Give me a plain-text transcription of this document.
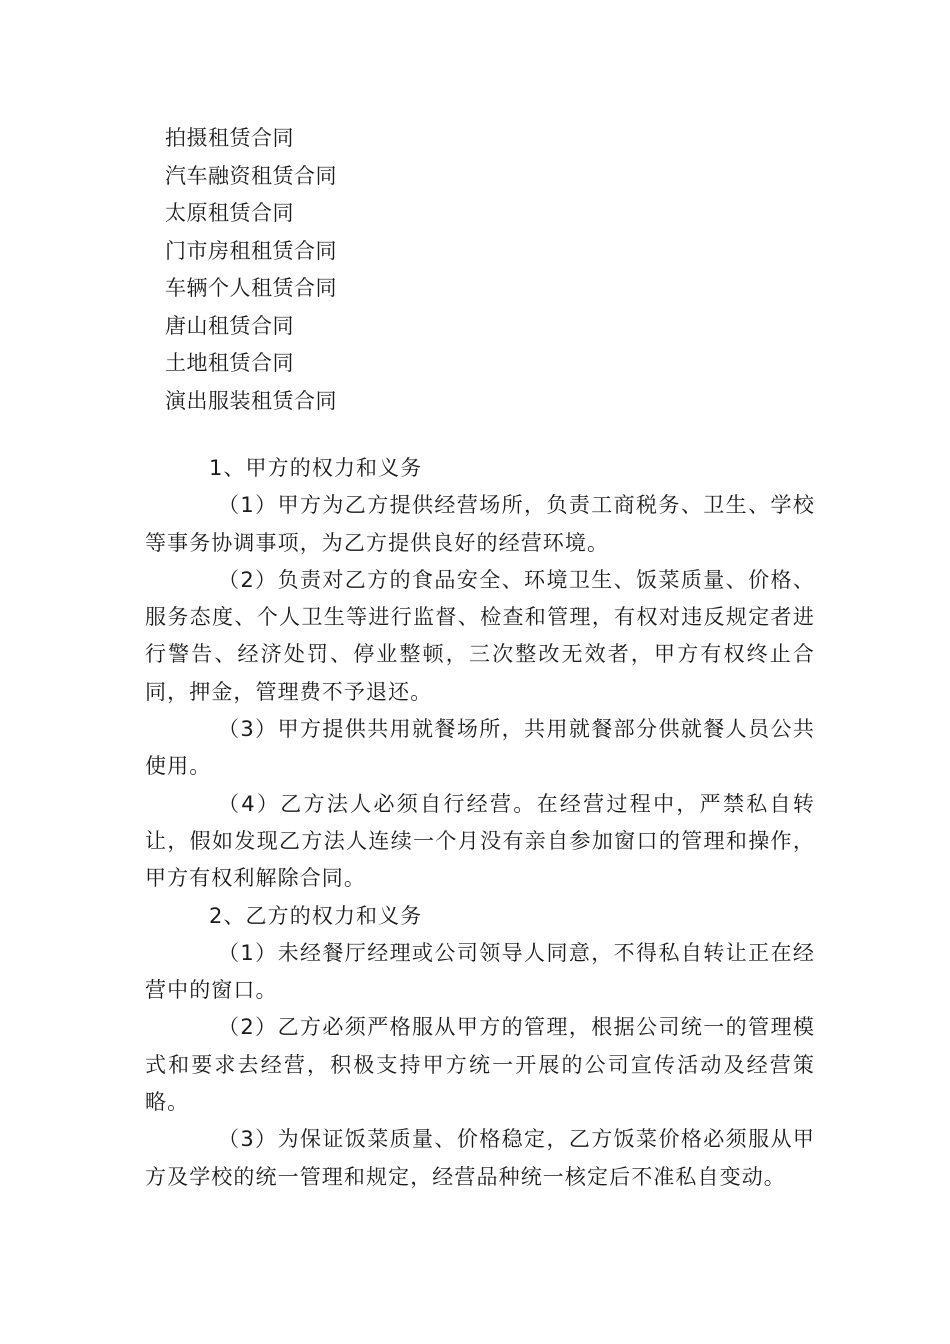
拍摄租赁合同
汽车融资租赁合同
太原租赁合同
门市房租租赁合同
车辆个人租赁合同
唐山租赁合同
土地租赁合同
演出服装租赁合同

1、甲方的权力和义务

（1）甲方为乙方提供经营场所，负责工商税务、卫生、学校等事务协调事项，为乙方提供良好的经营环境。

（2）负责对乙方的食品安全、环境卫生、饭菜质量、价格、服务态度、个人卫生等进行监督、检查和管理，有权对违反规定者进行警告、经济处罚、停业整顿，三次整改无效者，甲方有权终止合同，押金，管理费不予退还。

（3）甲方提供共用就餐场所，共用就餐部分供就餐人员公共使用。

（4）乙方法人必须自行经营。在经营过程中，严禁私自转让，假如发现乙方法人连续一个月没有亲自参加窗口的管理和操作，甲方有权利解除合同。

2、乙方的权力和义务

（1）未经餐厅经理或公司领导人同意，不得私自转让正在经营中的窗口。

（2）乙方必须严格服从甲方的管理，根据公司统一的管理模式和要求去经营，积极支持甲方统一开展的公司宣传活动及经营策略。

（3）为保证饭菜质量、价格稳定，乙方饭菜价格必须服从甲方及学校的统一管理和规定，经营品种统一核定后不准私自变动。
